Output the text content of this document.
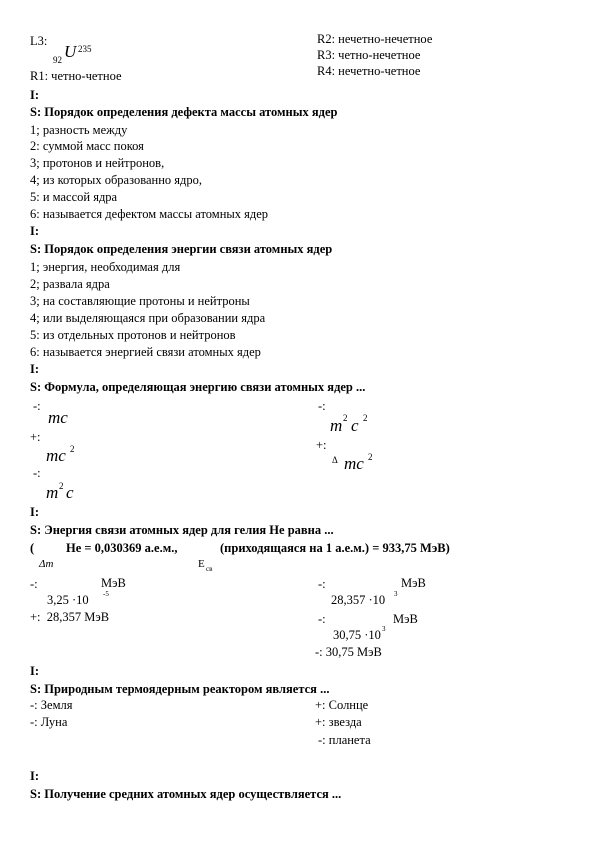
L3:
92 U 235
R1: четно-четное
R2: нечетно-нечетное
R3: четно-нечетное
R4: нечетно-четное
I:
S: Порядок определения дефекта массы атомных ядер
1; разность между
2: суммой масс покоя
3; протонов и нейтронов,
4; из которых образованно ядро,
5: и массой ядра
6: называется дефектом массы атомных ядер
I:
S: Порядок определения энергии связи атомных ядер
1; энергия, необходимая для
2; развала ядра
3; на составляющие протоны и нейтроны
4; или выделяющаяся при образовании ядра
5: из отдельных протонов и нейтронов
6: называется энергией связи атомных ядер
I:
S: Формула, определяющая энергию связи атомных ядер ...
-:
mc
+:
mc 2
-:
m 2 c
-:
m 2 c 2
+:
Δ mc 2
I:
S: Энергия связи атомных ядер для гелия Не равна ...
(
Δm
Не = 0,030369 а.е.м.,
E св
(приходящаяся на 1 а.е.м.) = 933,75 МэВ)
-:	МэВ
3,25 ·10 -5
+: 28,357 МэВ
-:	МэВ
28,357 ·10 3
-:	МэВ
30,75 ·10 3
-: 30,75 МэВ
I:
S: Природным термоядерным реактором является ...
-: Земля
-: Луна
+: Солнце
+: звезда
-: планета
I:
S: Получение средних атомных ядер осуществляется ...
